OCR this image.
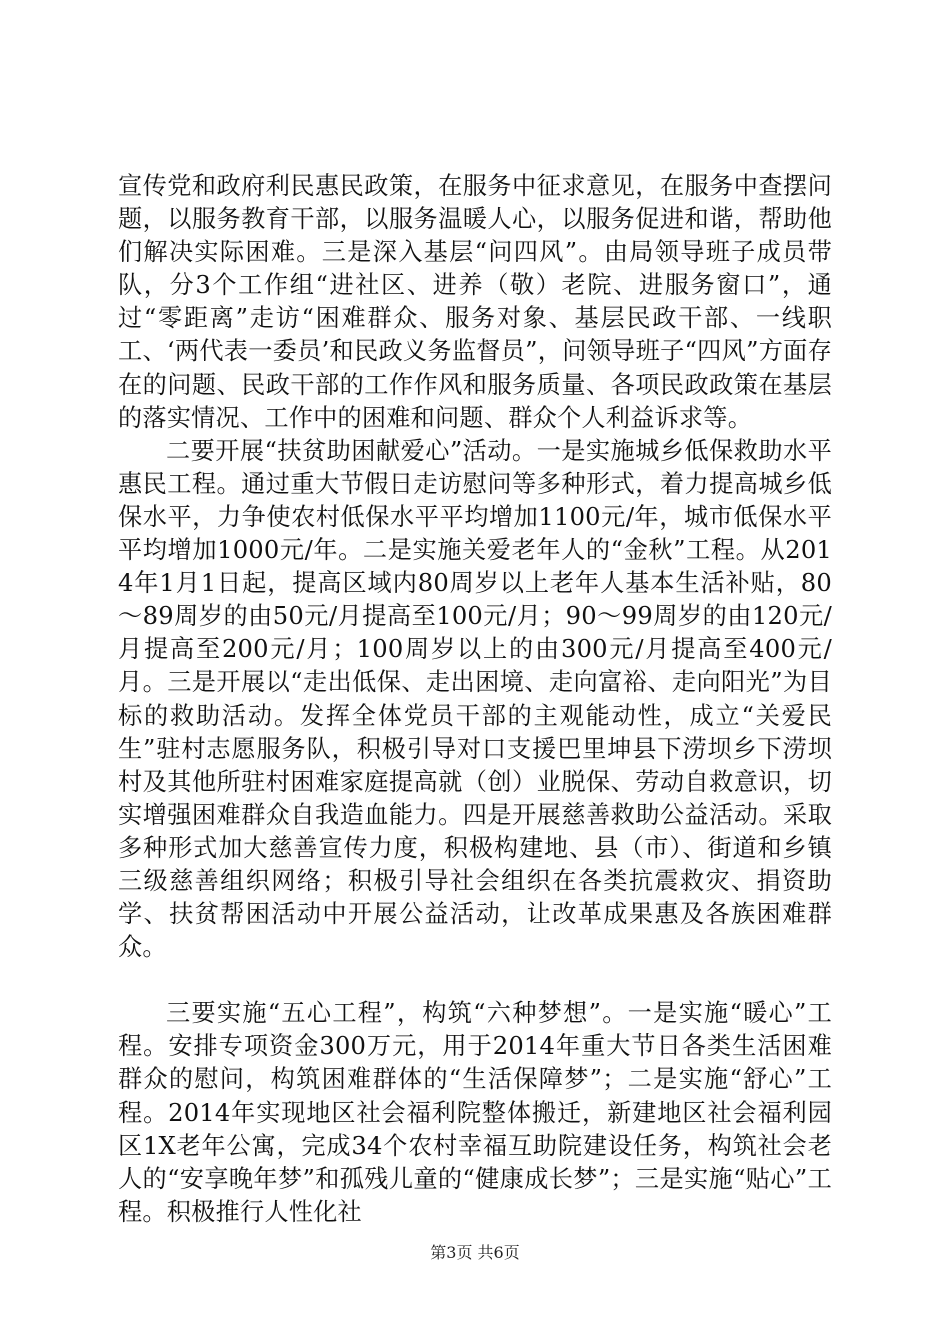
宣传党和政府利民惠民政策，在服务中征求意见，在服务中查摆问题，以服务教育干部，以服务温暖人心，以服务促进和谐，帮助他们解决实际困难。三是深入基层“问四风”。由局领导班子成员带队，分3个工作组“进社区、进养（敬）老院、进服务窗口”，通过“零距离”走访“困难群众、服务对象、基层民政干部、一线职工、‘两代表一委员’和民政义务监督员”，问领导班子“四风”方面存在的问题、民政干部的工作作风和服务质量、各项民政政策在基层的落实情况、工作中的困难和问题、群众个人利益诉求等。

二要开展“扶贫助困献爱心”活动。一是实施城乡低保救助水平惠民工程。通过重大节假日走访慰问等多种形式，着力提高城乡低保水平，力争使农村低保水平平均增加1100元/年，城市低保水平平均增加1000元/年。二是实施关爱老年人的“金秋”工程。从2014年1月1日起，提高区域内80周岁以上老年人基本生活补贴，80～89周岁的由50元/月提高至100元/月；90～99周岁的由120元/月提高至200元/月；100周岁以上的由300元/月提高至400元/月。三是开展以“走出低保、走出困境、走向富裕、走向阳光”为目标的救助活动。发挥全体党员干部的主观能动性，成立“关爱民生”驻村志愿服务队，积极引导对口支援巴里坤县下涝坝乡下涝坝村及其他所驻村困难家庭提高就（创）业脱保、劳动自救意识，切实增强困难群众自我造血能力。四是开展慈善救助公益活动。采取多种形式加大慈善宣传力度，积极构建地、县（市）、街道和乡镇三级慈善组织网络；积极引导社会组织在各类抗震救灾、捐资助学、扶贫帮困活动中开展公益活动，让改革成果惠及各族困难群众。

三要实施“五心工程”，构筑“六种梦想”。一是实施“暖心”工程。安排专项资金300万元，用于2014年重大节日各类生活困难群众的慰问，构筑困难群体的“生活保障梦”；二是实施“舒心”工程。2014年实现地区社会福利院整体搬迁，新建地区社会福利园区1X老年公寓，完成34个农村幸福互助院建设任务，构筑社会老人的“安享晚年梦”和孤残儿童的“健康成长梦”；三是实施“贴心”工程。积极推行人性化社

第3页 共6页
